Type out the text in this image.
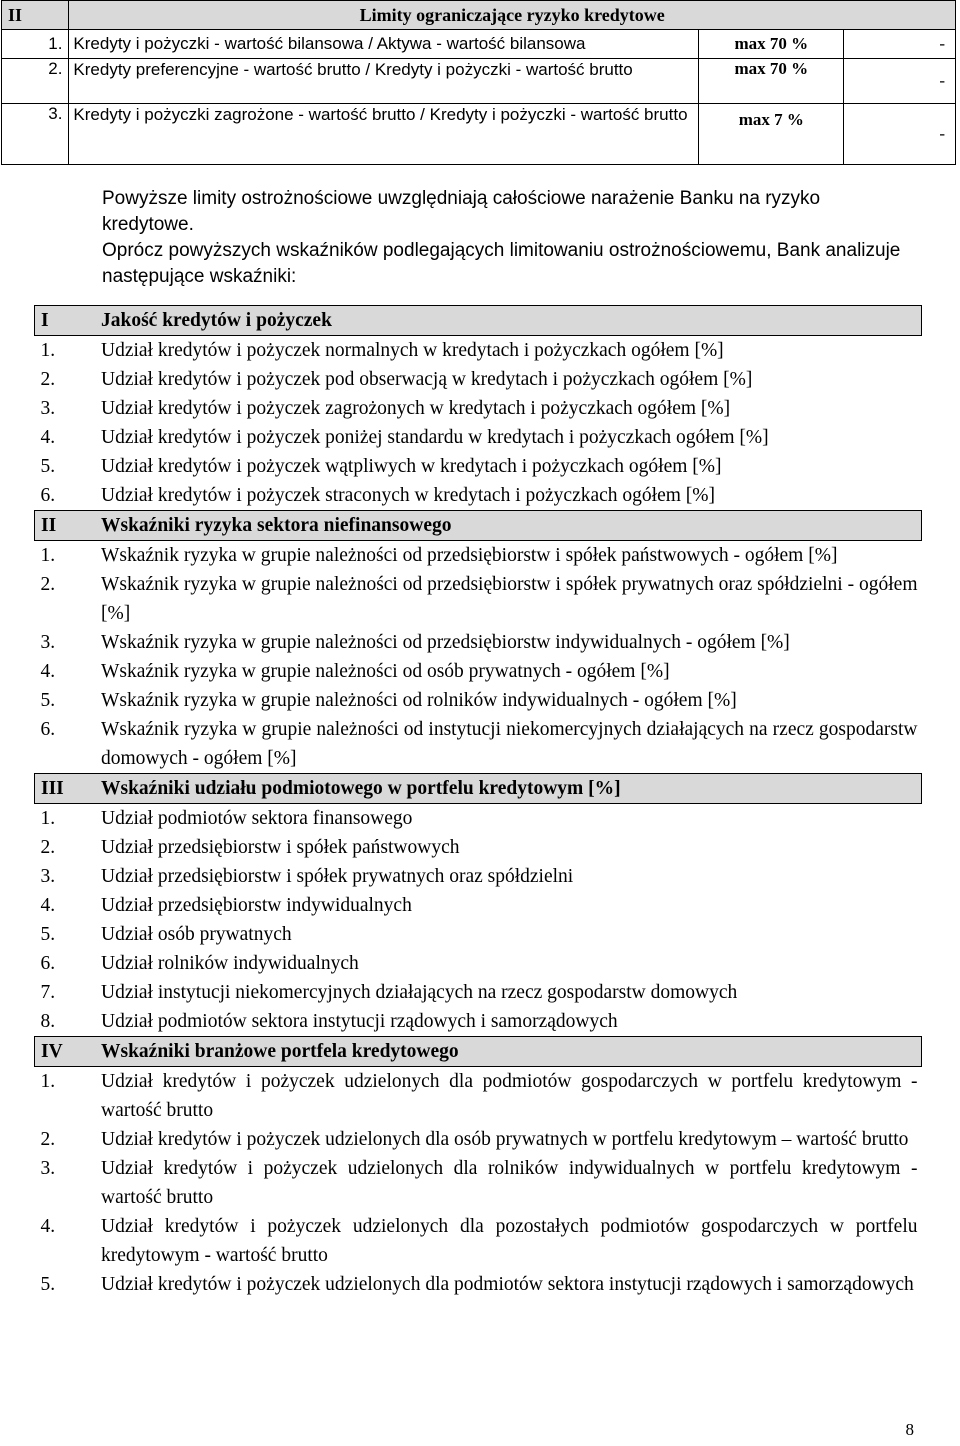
II	Limity ograniczające ryzyko kredytowe		
1.	Kredyty i pożyczki - wartość bilansowa / Aktywa - wartość bilansowa	max 70 %	-
2.	Kredyty preferencyjne - wartość brutto / Kredyty i pożyczki - wartość brutto	max 70 %	-
3.	Kredyty i pożyczki zagrożone - wartość brutto / Kredyty i pożyczki - wartość brutto	max 7 %	-

Powyższe limity ostrożnościowe uwzględniają całościowe narażenie Banku na ryzyko kredytowe.

Oprócz powyższych wskaźników podlegających limitowaniu ostrożnościowemu, Bank analizuje następujące wskaźniki:

I	Jakość kredytów i pożyczek
1.	Udział kredytów i pożyczek normalnych w kredytach i pożyczkach ogółem [%]
2.	Udział kredytów i pożyczek pod obserwacją w kredytach i pożyczkach ogółem [%]
3.	Udział kredytów i pożyczek zagrożonych w kredytach i pożyczkach ogółem [%]
4.	Udział kredytów i pożyczek poniżej standardu w kredytach i pożyczkach ogółem [%]
5.	Udział kredytów i pożyczek wątpliwych w kredytach i pożyczkach ogółem [%]
6.	Udział kredytów i pożyczek straconych w kredytach i pożyczkach ogółem [%]
II	Wskaźniki ryzyka sektora niefinansowego
1.	Wskaźnik ryzyka w grupie należności od przedsiębiorstw i spółek państwowych - ogółem [%]
2.	Wskaźnik ryzyka w grupie należności od przedsiębiorstw i spółek prywatnych oraz spółdzielni - ogółem [%]
3.	Wskaźnik ryzyka w grupie należności od przedsiębiorstw indywidualnych - ogółem [%]
4.	Wskaźnik ryzyka w grupie należności od osób prywatnych - ogółem [%]
5.	Wskaźnik ryzyka w grupie należności od rolników indywidualnych - ogółem [%]
6.	Wskaźnik ryzyka w grupie należności od instytucji niekomercyjnych działających na rzecz gospodarstw domowych - ogółem [%]
III	Wskaźniki udziału podmiotowego w portfelu kredytowym [%]
1.	Udział podmiotów sektora finansowego
2.	Udział przedsiębiorstw i spółek państwowych
3.	Udział przedsiębiorstw i spółek prywatnych oraz spółdzielni
4.	Udział przedsiębiorstw indywidualnych
5.	Udział osób prywatnych
6.	Udział rolników indywidualnych
7.	Udział instytucji niekomercyjnych działających na rzecz gospodarstw domowych
8.	Udział podmiotów sektora instytucji rządowych i samorządowych
IV	Wskaźniki branżowe portfela kredytowego
1.	Udział kredytów i pożyczek udzielonych dla podmiotów gospodarczych w portfelu kredytowym - wartość brutto
2.	Udział kredytów i pożyczek udzielonych dla osób prywatnych w portfelu kredytowym – wartość brutto
3.	Udział kredytów i pożyczek udzielonych dla rolników indywidualnych w portfelu kredytowym - wartość brutto
4.	Udział kredytów i pożyczek udzielonych dla pozostałych podmiotów gospodarczych w portfelu kredytowym - wartość brutto
5.	Udział kredytów i pożyczek udzielonych dla podmiotów sektora instytucji rządowych i samorządowych
8
